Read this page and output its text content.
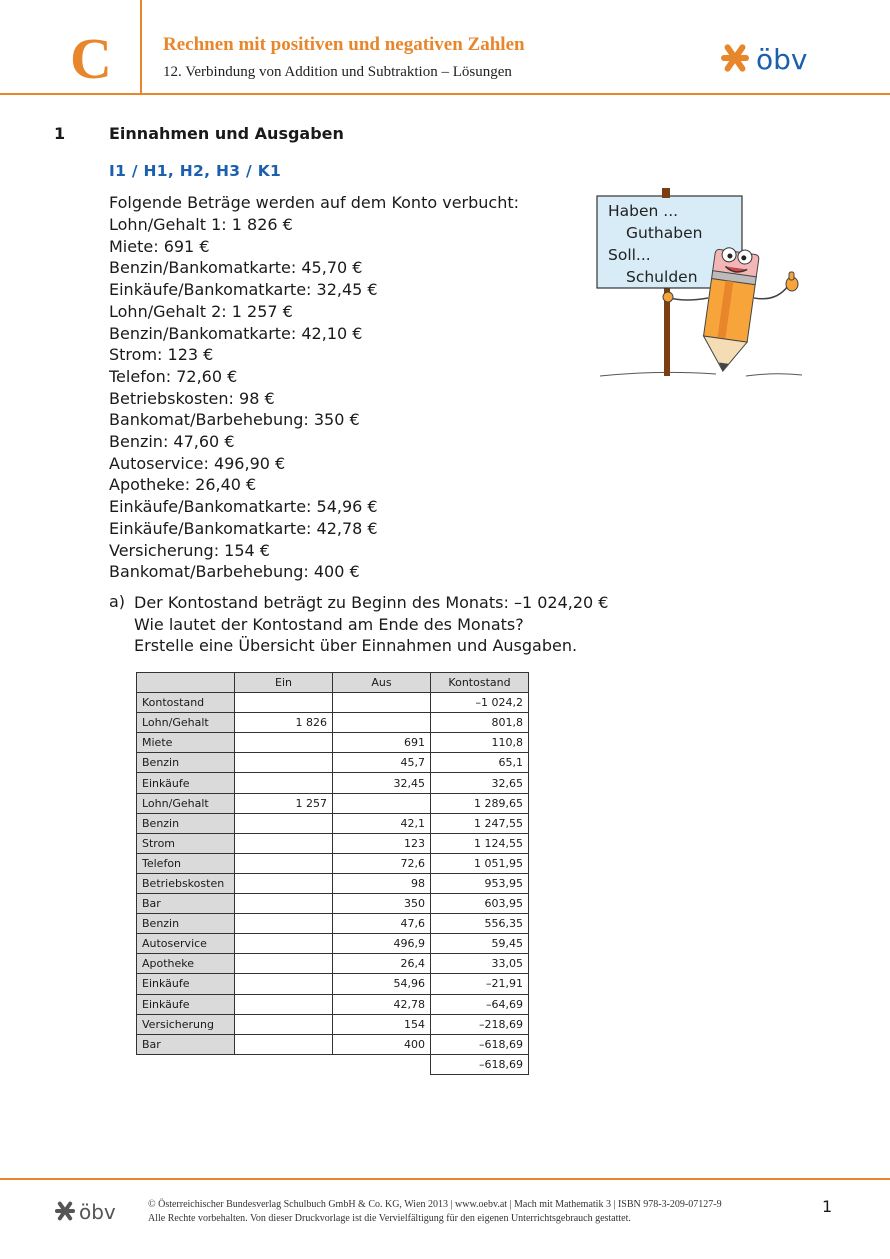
C	Rechnen mit positiven und negativen Zahlen
12. Verbindung von Addition und Subtraktion – Lösungen	öbv
1	Einnahmen und Ausgaben
I1 / H1, H2, H3 / K1
Folgende Beträge werden auf dem Konto verbucht:
Lohn/Gehalt 1: 1 826 €
Miete: 691 €
Benzin/Bankomatkarte: 45,70 €
Einkäufe/Bankomatkarte: 32,45 €
Lohn/Gehalt 2: 1 257 €
Benzin/Bankomatkarte: 42,10 €
Strom: 123 €
Telefon: 72,60 €
Betriebskosten: 98 €
Bankomat/Barbehebung: 350 €
Benzin: 47,60 €
Autoservice: 496,90 €
Apotheke: 26,40 €
Einkäufe/Bankomatkarte: 54,96 €
Einkäufe/Bankomatkarte: 42,78 €
Versicherung: 154 €
Bankomat/Barbehebung: 400 €
a) Der Kontostand beträgt zu Beginn des Monats: –1 024,20 €
Wie lautet der Kontostand am Ende des Monats?
Erstelle eine Übersicht über Einnahmen und Ausgaben.
Haben ...
Guthaben
Soll...
Schulden
	Ein	Aus	Kontostand
Kontostand			–1 024,2
Lohn/Gehalt	1 826		801,8
Miete		691	110,8
Benzin		45,7	65,1
Einkäufe		32,45	32,65
Lohn/Gehalt	1 257		1 289,65
Benzin		42,1	1 247,55
Strom		123	1 124,55
Telefon		72,6	1 051,95
Betriebskosten		98	953,95
Bar		350	603,95
Benzin		47,6	556,35
Autoservice		496,9	59,45
Apotheke		26,4	33,05
Einkäufe		54,96	–21,91
Einkäufe		42,78	–64,69
Versicherung		154	–218,69
Bar		400	–618,69
			–618,69
öbv	© Österreichischer Bundesverlag Schulbuch GmbH & Co. KG, Wien 2013 | www.oebv.at | Mach mit Mathematik 3 | ISBN 978-3-209-07127-9
Alle Rechte vorbehalten. Von dieser Druckvorlage ist die Vervielfältigung für den eigenen Unterrichtsgebrauch gestattet.
1
